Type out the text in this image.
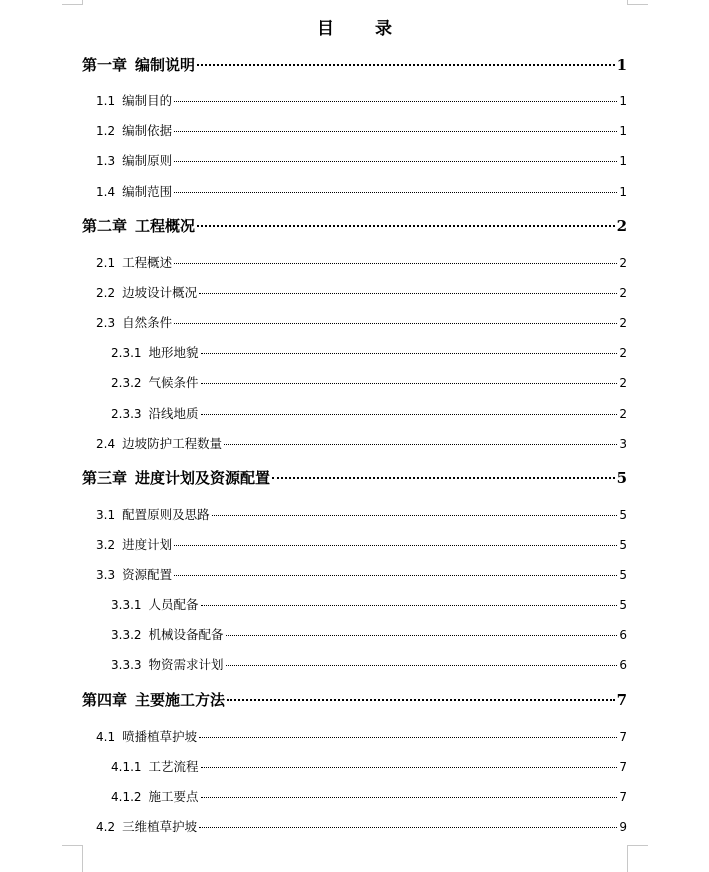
目　录
第一章 编制说明	1
1.1 编制目的	1
1.2 编制依据	1
1.3 编制原则	1
1.4 编制范围	1
第二章 工程概况	2
2.1 工程概述	2
2.2 边坡设计概况	2
2.3 自然条件	2
2.3.1 地形地貌	2
2.3.2 气候条件	2
2.3.3 沿线地质	2
2.4 边坡防护工程数量	3
第三章 进度计划及资源配置	5
3.1 配置原则及思路	5
3.2 进度计划	5
3.3 资源配置	5
3.3.1 人员配备	5
3.3.2 机械设备配备	6
3.3.3 物资需求计划	6
第四章 主要施工方法	7
4.1 喷播植草护坡	7
4.1.1 工艺流程	7
4.1.2 施工要点	7
4.2 三维植草护坡	9
